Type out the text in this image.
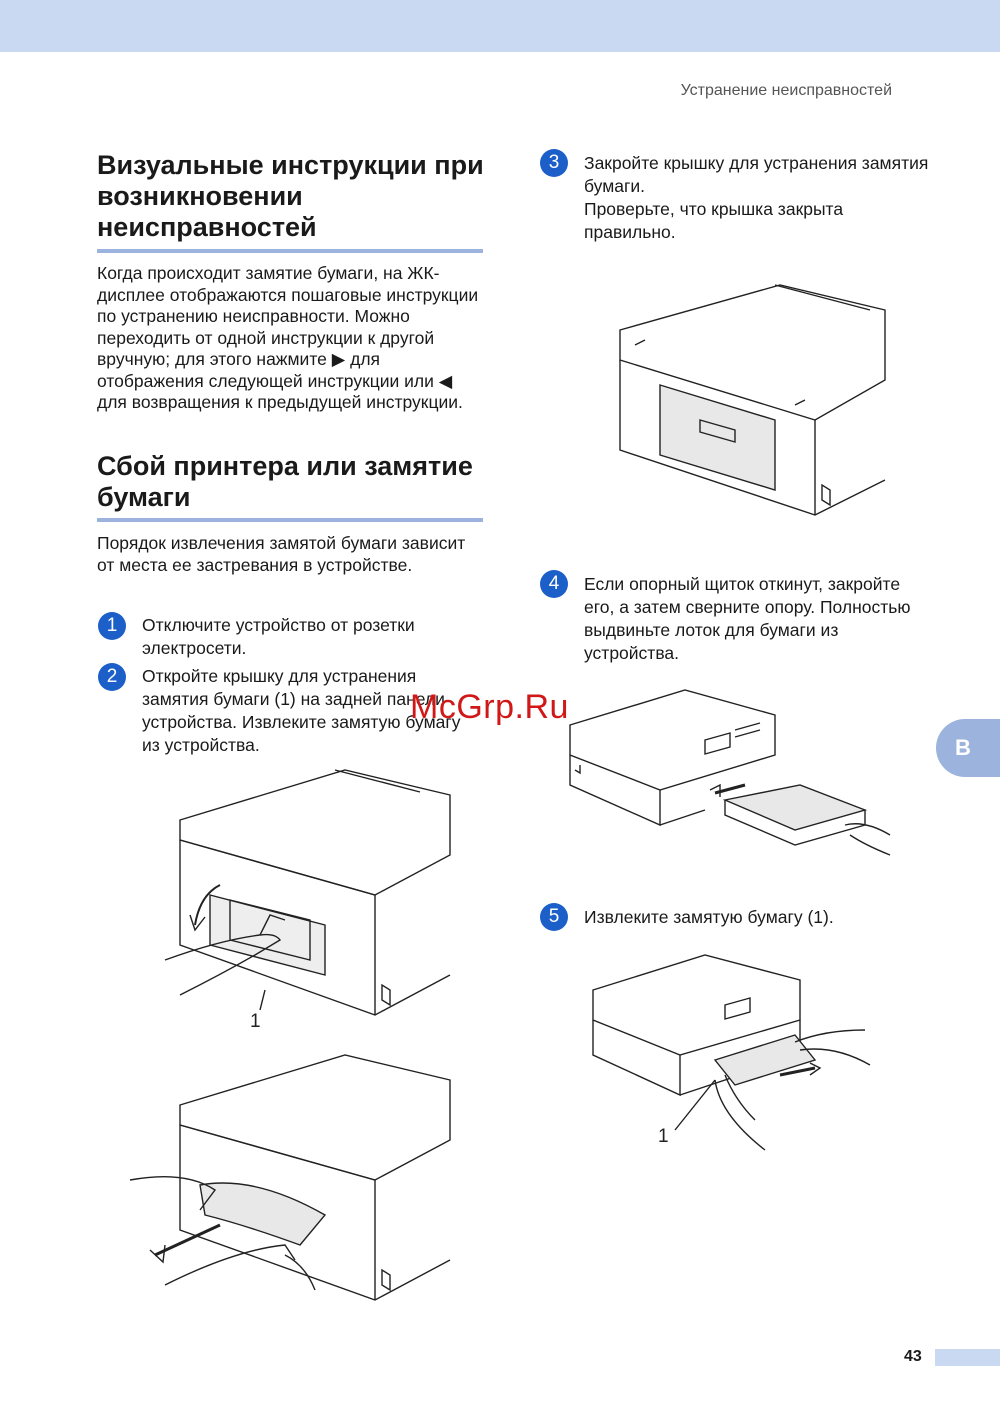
Устранение неисправностей
Визуальные инструкции при возникновении неисправностей

Когда происходит замятие бумаги, на ЖК-дисплее отображаются пошаговые инструкции по устранению неисправности. Можно переходить от одной инструкции к другой вручную; для этого нажмите ▶ для отображения следующей инструкции или ◀ для возвращения к предыдущей инструкции.

Сбой принтера или замятие бумаги

Порядок извлечения замятой бумаги зависит от места ее застревания в устройстве.

1	Отключите устройство от розетки электросети.
2	Откройте крышку для устранения замятия бумаги (1) на задней панели устройства. Извлеките замятую бумагу из устройства.
1
3	Закройте крышку для устранения замятия бумаги.
Проверьте, что крышка закрыта правильно.
4	Если опорный щиток откинут, закройте его, а затем сверните опору. Полностью выдвиньте лоток для бумаги из устройства.
5	Извлеките замятую бумагу (1).
1
McGrp.Ru
B
43
